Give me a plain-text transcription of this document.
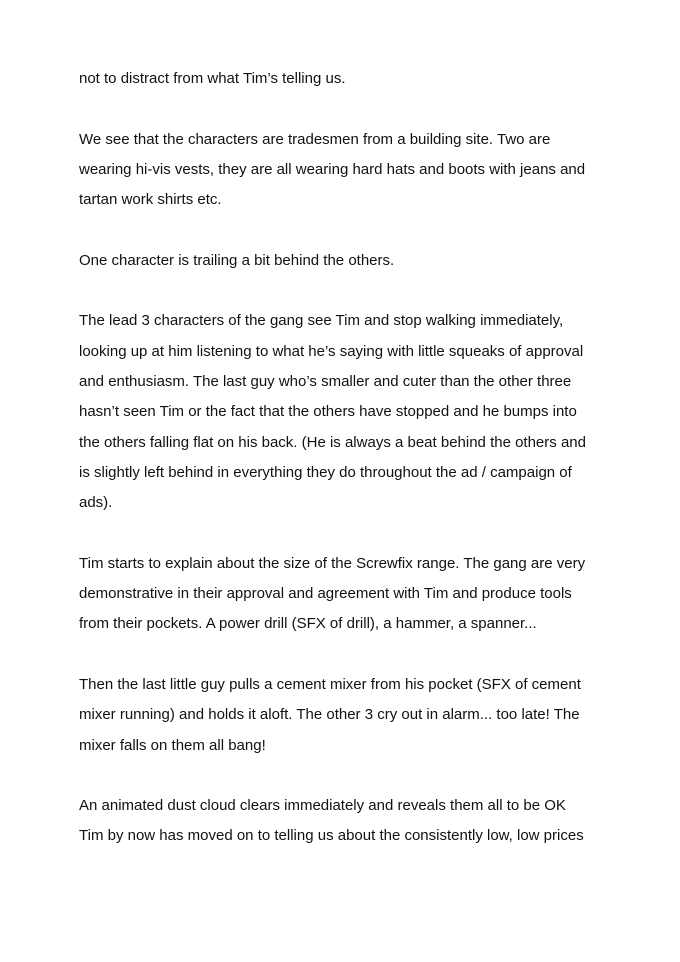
not to distract from what Tim’s telling us.

We see that the characters are tradesmen from a building site. Two are
wearing hi-vis vests, they are all wearing hard hats and boots with jeans and
tartan work shirts etc.

One character is trailing a bit behind the others.

The lead 3 characters of the gang see Tim and stop walking immediately,
looking up at him listening to what he’s saying with little squeaks of approval
and enthusiasm. The last guy who’s smaller and cuter than the other three
hasn’t seen Tim or the fact that the others have stopped and he bumps into
the others falling flat on his back. (He is always a beat behind the others and
is slightly left behind in everything they do throughout the ad / campaign of
ads).

Tim starts to explain about the size of the Screwfix range. The gang are very
demonstrative in their approval and agreement with Tim and produce tools
from their pockets. A power drill (SFX of drill), a hammer, a spanner...

Then the last little guy pulls a cement mixer from his pocket (SFX of cement
mixer running) and holds it aloft. The other 3 cry out in alarm... too late! The
mixer falls on them all bang!

An animated dust cloud clears immediately and reveals them all to be OK
Tim by now has moved on to telling us about the consistently low, low prices
